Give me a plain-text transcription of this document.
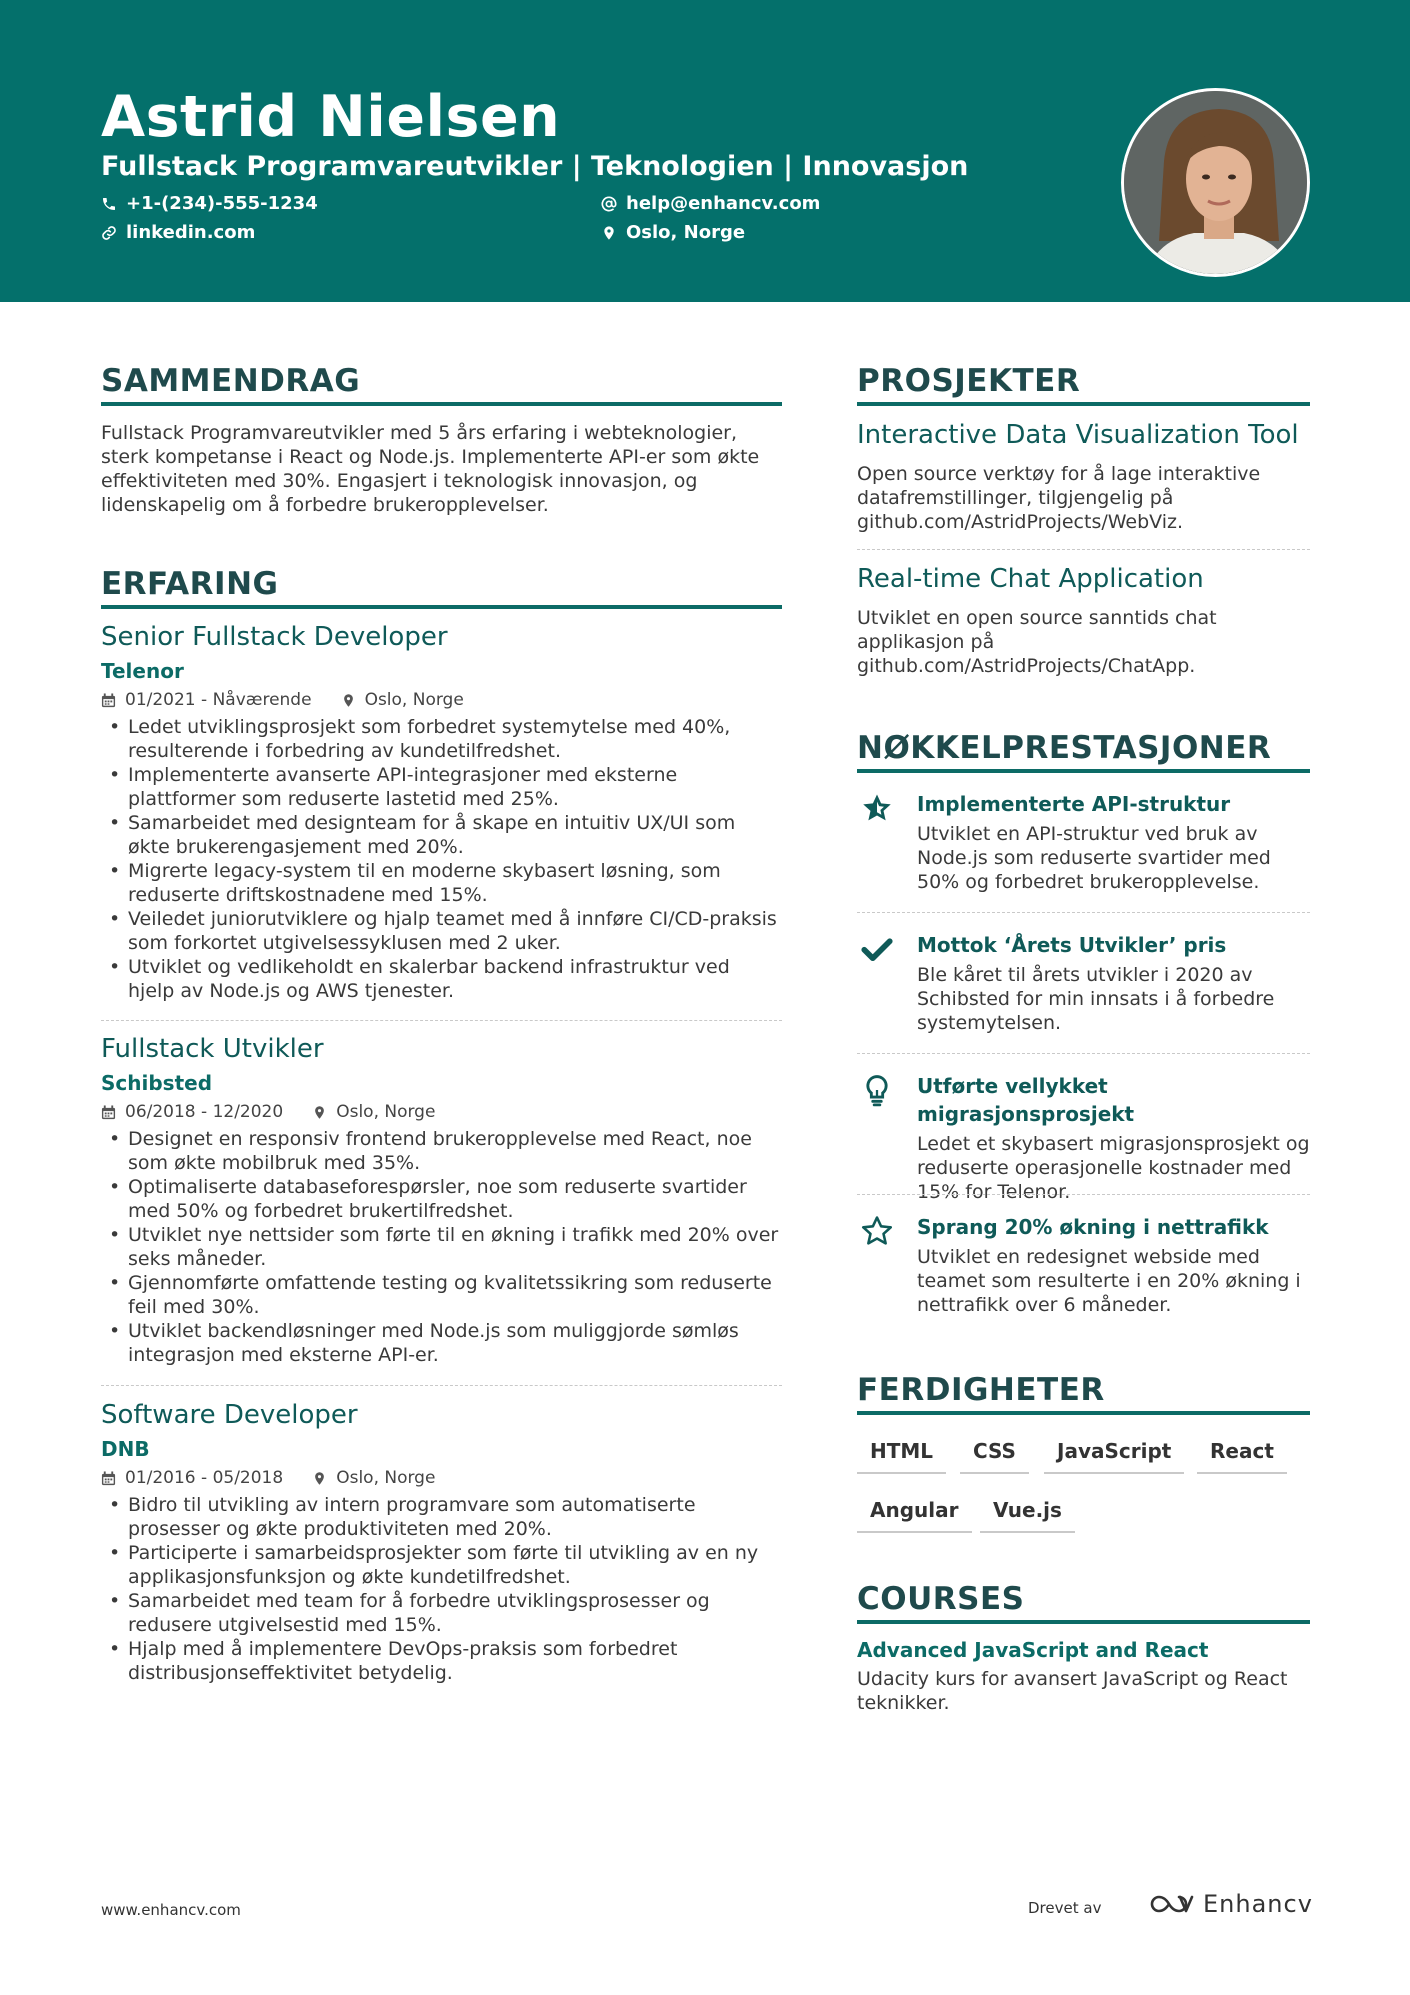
Astrid Nielsen
Fullstack Programvareutvikler | Teknologien | Innovasjon
+1-(234)-555-1234	help@enhancv.com
linkedin.com	Oslo, Norge
SAMMENDRAG
Fullstack Programvareutvikler med 5 års erfaring i webteknologier, sterk kompetanse i React og Node.js. Implementerte API-er som økte effektiviteten med 30%. Engasjert i teknologisk innovasjon, og lidenskapelig om å forbedre brukeropplevelser.
ERFARING
Senior Fullstack Developer
Telenor
01/2021 - Nåværende	Oslo, Norge
• Ledet utviklingsprosjekt som forbedret systemytelse med 40%, resulterende i forbedring av kundetilfredshet.
• Implementerte avanserte API-integrasjoner med eksterne plattformer som reduserte lastetid med 25%.
• Samarbeidet med designteam for å skape en intuitiv UX/UI som økte brukerengasjement med 20%.
• Migrerte legacy-system til en moderne skybasert løsning, som reduserte driftskostnadene med 15%.
• Veiledet juniorutviklere og hjalp teamet med å innføre CI/CD-praksis som forkortet utgivelsessyklusen med 2 uker.
• Utviklet og vedlikeholdt en skalerbar backend infrastruktur ved hjelp av Node.js og AWS tjenester.
Fullstack Utvikler
Schibsted
06/2018 - 12/2020	Oslo, Norge
• Designet en responsiv frontend brukeropplevelse med React, noe som økte mobilbruk med 35%.
• Optimaliserte databaseforespørsler, noe som reduserte svartider med 50% og forbedret brukertilfredshet.
• Utviklet nye nettsider som førte til en økning i trafikk med 20% over seks måneder.
• Gjennomførte omfattende testing og kvalitetssikring som reduserte feil med 30%.
• Utviklet backendløsninger med Node.js som muliggjorde sømløs integrasjon med eksterne API-er.
Software Developer
DNB
01/2016 - 05/2018	Oslo, Norge
• Bidro til utvikling av intern programvare som automatiserte prosesser og økte produktiviteten med 20%.
• Participerte i samarbeidsprosjekter som førte til utvikling av en ny applikasjonsfunksjon og økte kundetilfredshet.
• Samarbeidet med team for å forbedre utviklingsprosesser og redusere utgivelsestid med 15%.
• Hjalp med å implementere DevOps-praksis som forbedret distribusjonseffektivitet betydelig.
PROSJEKTER
Interactive Data Visualization Tool
Open source verktøy for å lage interaktive datafremstillinger, tilgjengelig på github.com/AstridProjects/WebViz.
Real-time Chat Application
Utviklet en open source sanntids chat applikasjon på github.com/AstridProjects/ChatApp.
NØKKELPRESTASJONER
Implementerte API-struktur
Utviklet en API-struktur ved bruk av Node.js som reduserte svartider med 50% og forbedret brukeropplevelse.
Mottok ‘Årets Utvikler’ pris
Ble kåret til årets utvikler i 2020 av Schibsted for min innsats i å forbedre systemytelsen.
Utførte vellykket migrasjonsprosjekt
Ledet et skybasert migrasjonsprosjekt og reduserte operasjonelle kostnader med 15% for Telenor.
Sprang 20% økning i nettrafikk
Utviklet en redesignet webside med teamet som resulterte i en 20% økning i nettrafikk over 6 måneder.
FERDIGHETER
HTML	CSS	JavaScript	React
Angular	Vue.js
COURSES
Advanced JavaScript and React
Udacity kurs for avansert JavaScript og React teknikker.
www.enhancv.com	Drevet av	Enhancv
